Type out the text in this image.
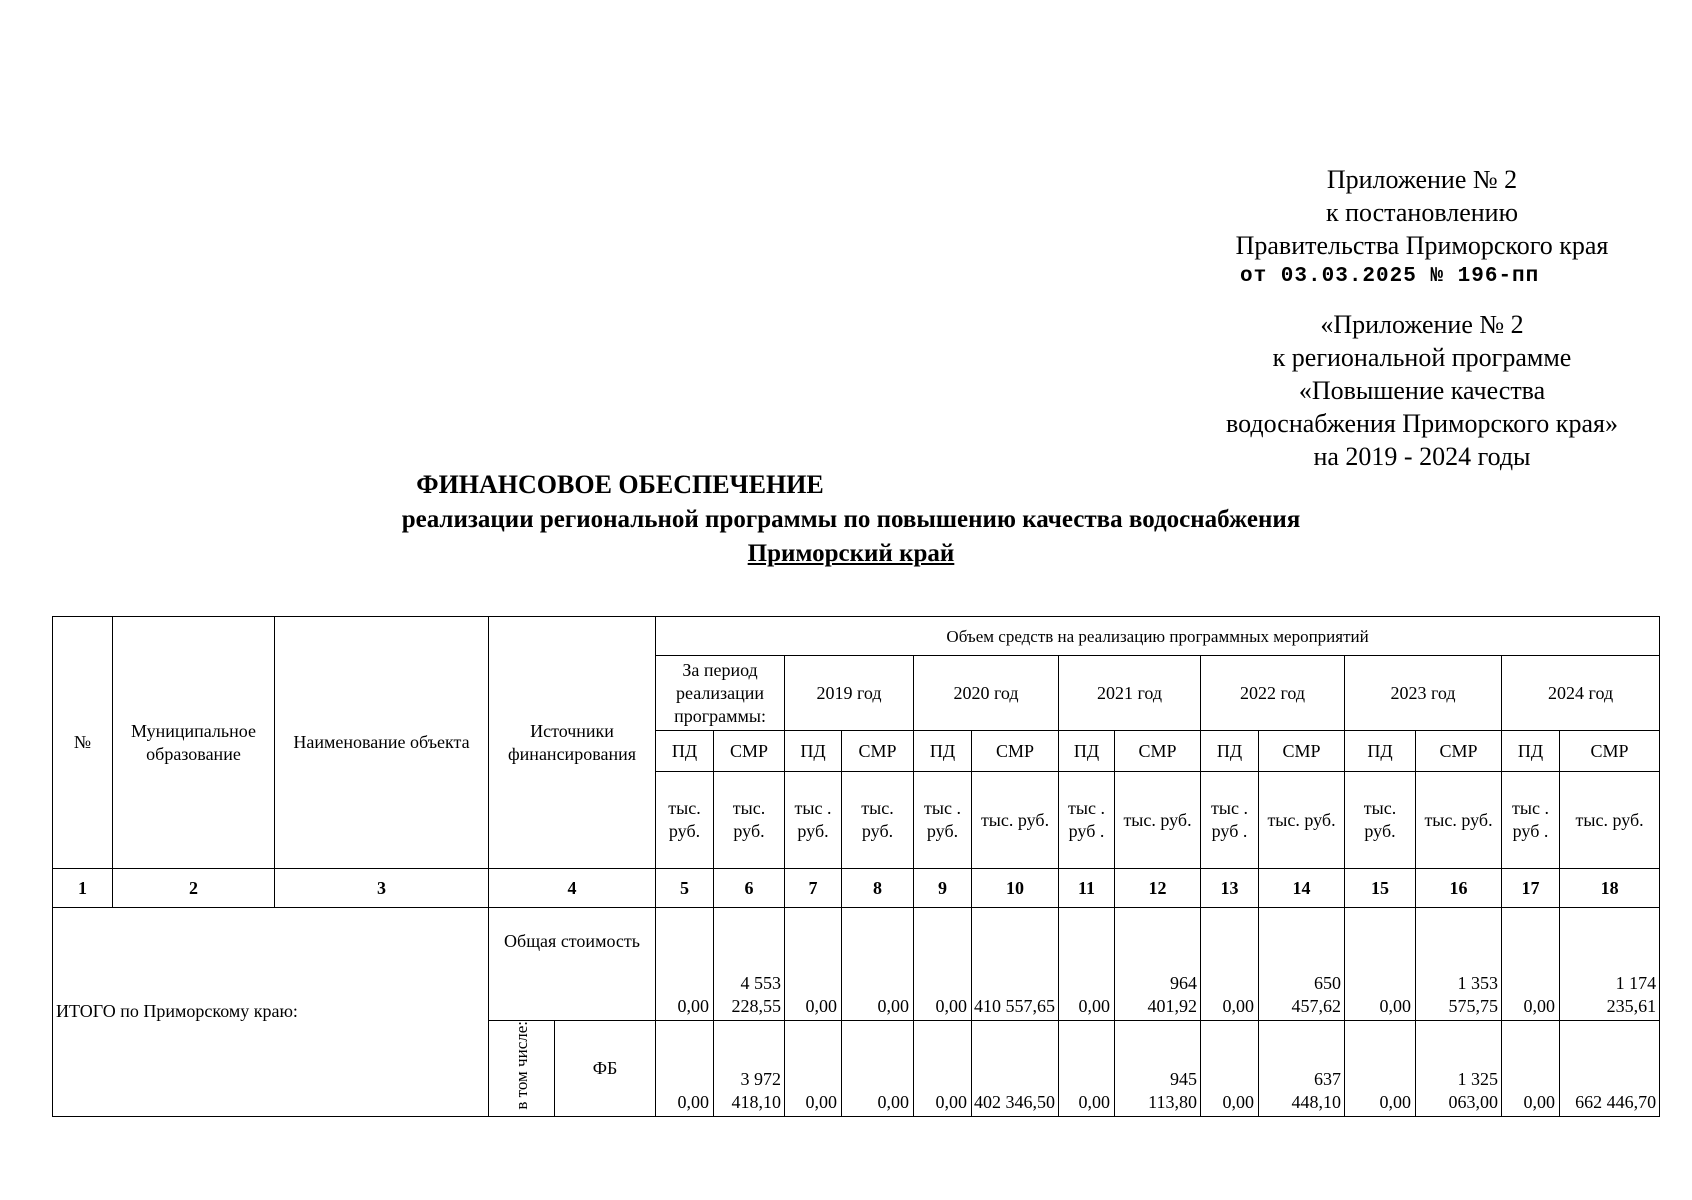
Приложение № 2
к постановлению
Правительства Приморского края
от 03.03.2025 № 196-пп
«Приложение № 2
к региональной программе
«Повышение качества
водоснабжения Приморского края»
на 2019 - 2024 годы
ФИНАНСОВОЕ ОБЕСПЕЧЕНИЕ
реализации региональной программы по повышению качества водоснабжения
Приморский край
№	Муниципальное образование	Наименование объекта	Источники финансирования		Объем средств на реализацию программных мероприятий													
					За период реализации программы:		2019 год		2020 год		2021 год		2022 год		2023 год		2024 год	
					ПД	СМР	ПД	СМР	ПД	СМР	ПД	СМР	ПД	СМР	ПД	СМР	ПД	СМР
					тыс. руб.	тыс. руб.	тыс . руб.	тыс. руб.	тыс . руб.	тыс. руб.	тыс . руб .	тыс. руб.	тыс . руб .	тыс. руб.	тыс. руб.	тыс. руб.	тыс . руб .	тыс. руб.
1	2	3	4		5	6	7	8	9	10	11	12	13	14	15	16	17	18
ИТОГО по Приморскому краю:			Общая стоимость		0,00	4 553 228,55	0,00	0,00	0,00	410 557,65	0,00	964 401,92	0,00	650 457,62	0,00	1 353 575,75	0,00	1 174 235,61
			в том числе:	ФБ	0,00	3 972 418,10	0,00	0,00	0,00	402 346,50	0,00	945 113,80	0,00	637 448,10	0,00	1 325 063,00	0,00	662 446,70
